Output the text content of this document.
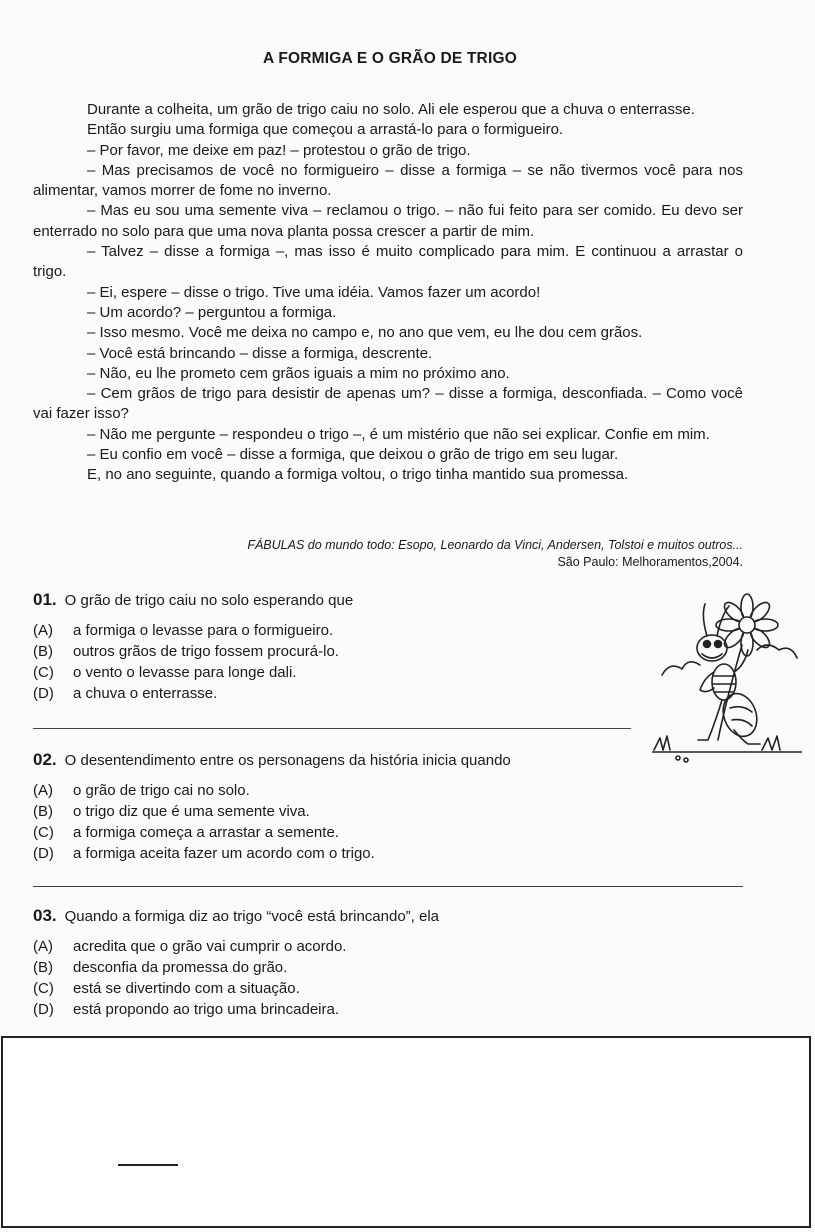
A FORMIGA E O GRÃO DE TRIGO

Durante a colheita, um grão de trigo caiu no solo. Ali ele esperou que a chuva o enterrasse.

Então surgiu uma formiga que começou a arrastá-lo para o formigueiro.

– Por favor, me deixe em paz! – protestou o grão de trigo.

– Mas precisamos de você no formigueiro – disse a formiga – se não tivermos você para nos alimentar, vamos morrer de fome no inverno.

– Mas eu sou uma semente viva – reclamou o trigo. – não fui feito para ser comido. Eu devo ser enterrado no solo para que uma nova planta possa crescer a partir de mim.

– Talvez – disse a formiga –, mas isso é muito complicado para mim. E continuou a arrastar o trigo.

– Ei, espere – disse o trigo. Tive uma idéia. Vamos fazer um acordo!

– Um acordo? – perguntou a formiga.

– Isso mesmo. Você me deixa no campo e, no ano que vem, eu lhe dou cem grãos.

– Você está brincando – disse a formiga, descrente.

– Não, eu lhe prometo cem grãos iguais a mim no próximo ano.

– Cem grãos de trigo para desistir de apenas um? – disse a formiga, desconfiada. – Como você vai fazer isso?

– Não me pergunte – respondeu o trigo –, é um mistério que não sei explicar. Confie em mim.

– Eu confio em você – disse a formiga, que deixou o grão de trigo em seu lugar.

E, no ano seguinte, quando a formiga voltou, o trigo tinha mantido sua promessa.

FÁBULAS do mundo todo: Esopo, Leonardo da Vinci, Andersen, Tolstoi e muitos outros...
São Paulo: Melhoramentos,2004.
01. O grão de trigo caiu no solo esperando que
(A) a formiga o levasse para o formigueiro.
(B) outros grãos de trigo fossem procurá-lo.
(C) o vento o levasse para longe dali.
(D) a chuva o enterrasse.
02. O desentendimento entre os personagens da história inicia quando
(A) o grão de trigo cai no solo.
(B) o trigo diz que é uma semente viva.
(C) a formiga começa a arrastar a semente.
(D) a formiga aceita fazer um acordo com o trigo.
03. Quando a formiga diz ao trigo “você está brincando”, ela
(A) acredita que o grão vai cumprir o acordo.
(B) desconfia da promessa do grão.
(C) está se divertindo com a situação.
(D) está propondo ao trigo uma brincadeira.
